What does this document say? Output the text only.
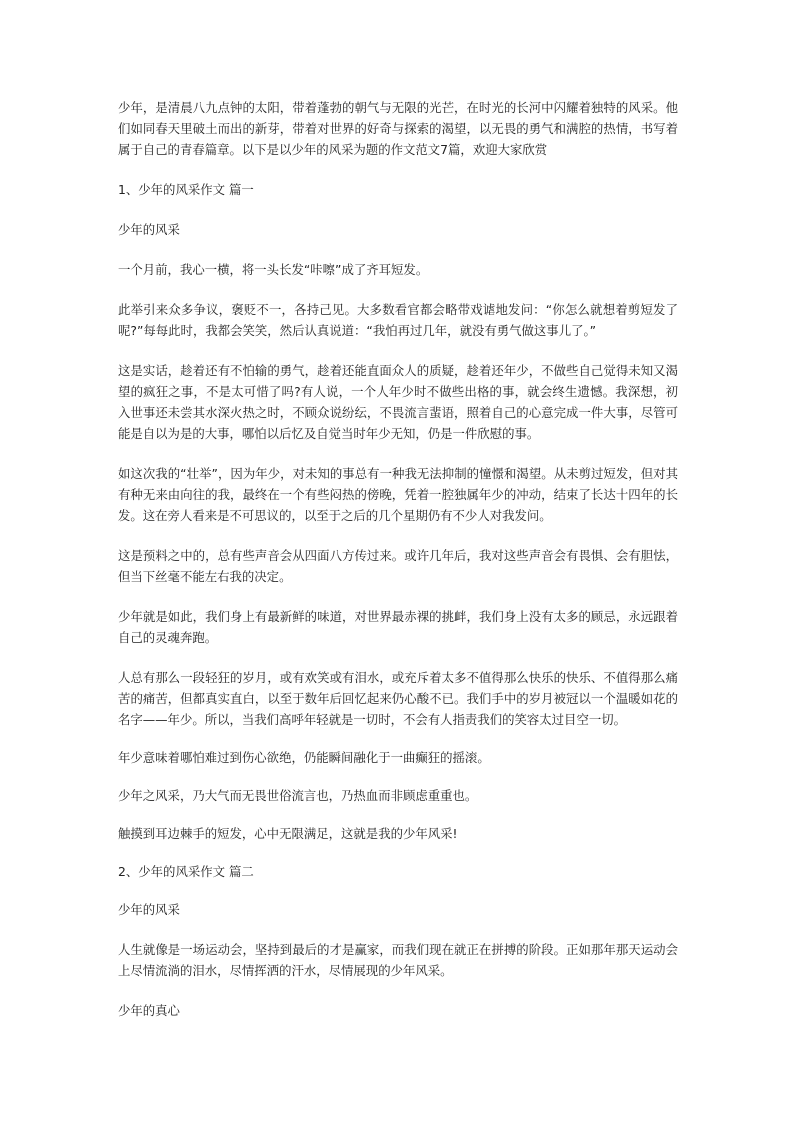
少年，是清晨八九点钟的太阳，带着蓬勃的朝气与无限的光芒，在时光的长河中闪耀着独特的风采。他们如同春天里破土而出的新芽，带着对世界的好奇与探索的渴望，以无畏的勇气和满腔的热情，书写着属于自己的青春篇章。以下是以少年的风采为题的作文范文7篇，欢迎大家欣赏

1、少年的风采作文 篇一

少年的风采

一个月前，我心一横，将一头长发“咔嚓”成了齐耳短发。

此举引来众多争议，褒贬不一，各持己见。大多数看官都会略带戏谑地发问：“你怎么就想着剪短发了呢?”每每此时，我都会笑笑，然后认真说道：“我怕再过几年，就没有勇气做这事儿了。”

这是实话，趁着还有不怕输的勇气，趁着还能直面众人的质疑，趁着还年少，不做些自己觉得未知又渴望的疯狂之事，不是太可惜了吗?有人说，一个人年少时不做些出格的事，就会终生遗憾。我深想，初入世事还未尝其水深火热之时，不顾众说纷纭，不畏流言蜚语，照着自己的心意完成一件大事，尽管可能是自以为是的大事，哪怕以后忆及自觉当时年少无知，仍是一件欣慰的事。

如这次我的“壮举”，因为年少，对未知的事总有一种我无法抑制的憧憬和渴望。从未剪过短发，但对其有种无来由向往的我，最终在一个有些闷热的傍晚，凭着一腔独属年少的冲动，结束了长达十四年的长发。这在旁人看来是不可思议的，以至于之后的几个星期仍有不少人对我发问。

这是预料之中的，总有些声音会从四面八方传过来。或许几年后，我对这些声音会有畏惧、会有胆怯，但当下丝毫不能左右我的决定。

少年就是如此，我们身上有最新鲜的味道，对世界最赤裸的挑衅，我们身上没有太多的顾忌，永远跟着自己的灵魂奔跑。

人总有那么一段轻狂的岁月，或有欢笑或有泪水，或充斥着太多不值得那么快乐的快乐、不值得那么痛苦的痛苦，但都真实直白，以至于数年后回忆起来仍心酸不已。我们手中的岁月被冠以一个温暖如花的名字——年少。所以，当我们高呼年轻就是一切时，不会有人指责我们的笑容太过目空一切。

年少意味着哪怕难过到伤心欲绝，仍能瞬间融化于一曲癫狂的摇滚。

少年之风采，乃大气而无畏世俗流言也，乃热血而非顾虑重重也。

触摸到耳边棘手的短发，心中无限满足，这就是我的少年风采!

2、少年的风采作文 篇二

少年的风采

人生就像是一场运动会，坚持到最后的才是赢家，而我们现在就正在拼搏的阶段。正如那年那天运动会上尽情流淌的泪水，尽情挥洒的汗水，尽情展现的少年风采。

少年的真心
